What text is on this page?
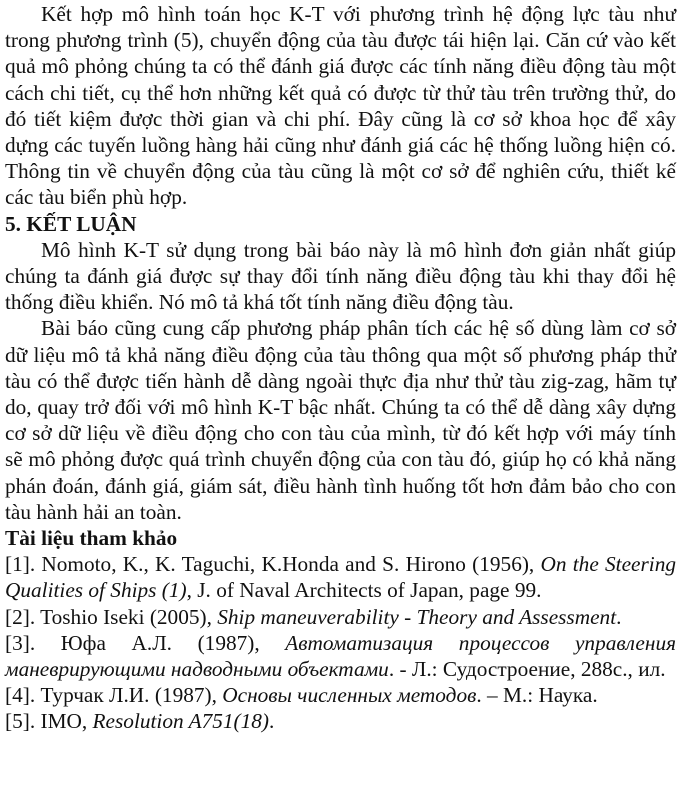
Kết hợp mô hình toán học K-T với phương trình hệ động lực tàu như trong phương trình (5), chuyển động của tàu được tái hiện lại. Căn cứ vào kết quả mô phỏng chúng ta có thể đánh giá được các tính năng điều động tàu một cách chi tiết, cụ thể hơn những kết quả có được từ thử tàu trên trường thử, do đó tiết kiệm được thời gian và chi phí. Đây cũng là cơ sở khoa học để xây dựng các tuyến luồng hàng hải cũng như đánh giá các hệ thống luồng hiện có. Thông tin về chuyển động của tàu cũng là một cơ sở để nghiên cứu, thiết kế các tàu biển phù hợp.

5. KẾT LUẬN

Mô hình K-T sử dụng trong bài báo này là mô hình đơn giản nhất giúp chúng ta đánh giá được sự thay đổi tính năng điều động tàu khi thay đổi hệ thống điều khiển. Nó mô tả khá tốt tính năng điều động tàu.

Bài báo cũng cung cấp phương pháp phân tích các hệ số dùng làm cơ sở dữ liệu mô tả khả năng điều động của tàu thông qua một số phương pháp thử tàu có thể được tiến hành dễ dàng ngoài thực địa như thử tàu zig-zag, hãm tự do, quay trở đối với mô hình K-T bậc nhất. Chúng ta có thể dễ dàng xây dựng cơ sở dữ liệu về điều động cho con tàu của mình, từ đó kết hợp với máy tính sẽ mô phỏng được quá trình chuyển động của con tàu đó, giúp họ có khả năng phán đoán, đánh giá, giám sát, điều hành tình huống tốt hơn đảm bảo cho con tàu hành hải an toàn.

Tài liệu tham khảo

[1]. Nomoto, K., K. Taguchi, K.Honda and S. Hirono (1956), On the Steering Qualities of Ships (1), J. of Naval Architects of Japan, page 99.

[2]. Toshio Iseki (2005), Ship maneuverability - Theory and Assessment.

[3]. Юфа А.Л. (1987), Автоматизация процессов управления маневрирующими надводными объектами. - Л.: Судостроение, 288с., ил.

[4]. Турчак Л.И. (1987), Основы численных методов. – М.: Наука.

[5]. IMO, Resolution A751(18).
